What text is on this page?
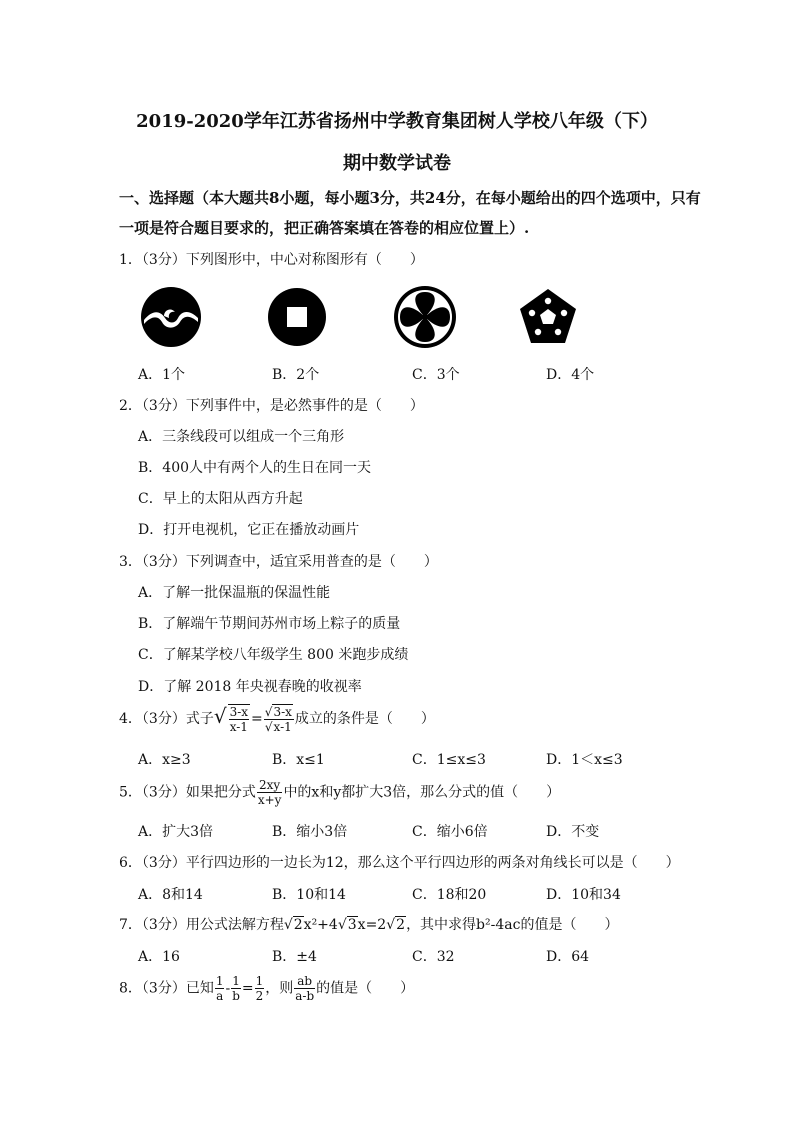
2019-2020学年江苏省扬州中学教育集团树人学校八年级（下）
期中数学试卷
一、选择题（本大题共8小题，每小题3分，共24分，在每小题给出的四个选项中，只有
一项是符合题目要求的，把正确答案填在答卷的相应位置上）.
1．（3分）下列图形中，中心对称图形有（　　）
A．1个	B．2个	C．3个	D．4个
2．（3分）下列事件中，是必然事件的是（　　）
A．三条线段可以组成一个三角形
B．400人中有两个人的生日在同一天
C．早上的太阳从西方升起
D．打开电视机，它正在播放动画片
3．（3分）下列调查中，适宜采用普查的是（　　）
A．了解一批保温瓶的保温性能
B．了解端午节期间苏州市场上粽子的质量
C．了解某学校八年级学生 800 米跑步成绩
D．了解 2018 年央视春晚的收视率
4．（3分）式子√ $\frac{3-x}{x-1} = \frac{√3-x}{√x-1}$ 成立的条件是（　　）
A．x≥3	B．x≤1	C．1≤x≤3	D．1＜x≤3
5．（3分）如果把分式 $\frac{2xy}{x+y}$ 中的x和y都扩大3倍，那么分式的值（　　）
A．扩大3倍	B．缩小3倍	C．缩小6倍	D．不变
6．（3分）平行四边形的一边长为12，那么这个平行四边形的两条对角线长可以是（　　）
A．8和14	B．10和14	C．18和20	D．10和34
7．（3分）用公式法解方程√2x²+4√3x=2√2，其中求得b²-4ac的值是（　　）
A．16	B．±4	C．32	D．64
8．（3分）已知 $\frac{1}{a} - \frac{1}{b} = \frac{1}{2}$ ，则 $\frac{ab}{a-b}$ 的值是（　　）
